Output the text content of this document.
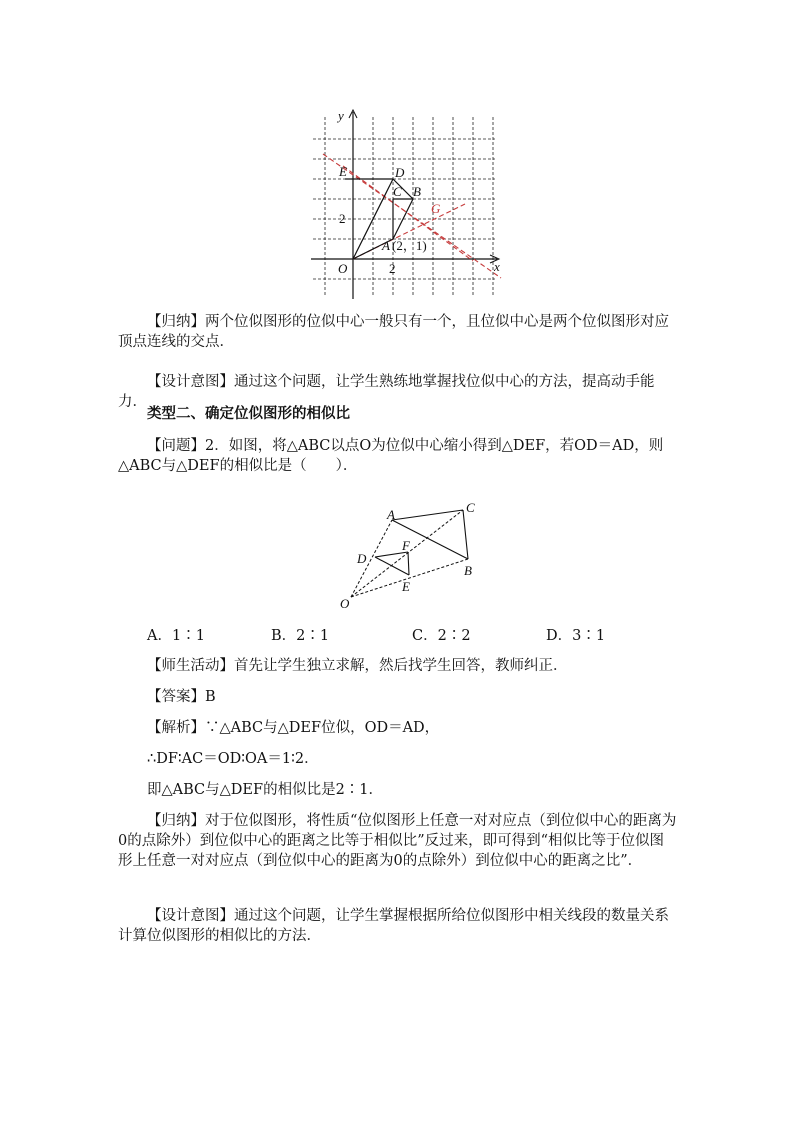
y
x
E	D
C B
G
A (2，1)
O	2
2
【归纳】两个位似图形的位似中心一般只有一个，且位似中心是两个位似图形对应顶点连线的交点．
【设计意图】通过这个问题，让学生熟练地掌握找位似中心的方法，提高动手能力．
类型二、确定位似图形的相似比
【问题】2．如图，将△ABC以点O为位似中心缩小得到△DEF，若OD＝AD，则△ABC与△DEF的相似比是（　　）．
A	C
D
F
B
E
O
A．1∶1	B．2∶1	C．2∶2	D．3∶1
【师生活动】首先让学生独立求解，然后找学生回答，教师纠正．
【答案】B
【解析】∵△ABC与△DEF位似，OD＝AD，
∴DF∶AC＝OD∶OA＝1∶2．
即△ABC与△DEF的相似比是2∶1．
【归纳】对于位似图形，将性质“位似图形上任意一对对应点（到位似中心的距离为0的点除外）到位似中心的距离之比等于相似比”反过来，即可得到“相似比等于位似图形上任意一对对应点（到位似中心的距离为0的点除外）到位似中心的距离之比”．
【设计意图】通过这个问题，让学生掌握根据所给位似图形中相关线段的数量关系计算位似图形的相似比的方法．
